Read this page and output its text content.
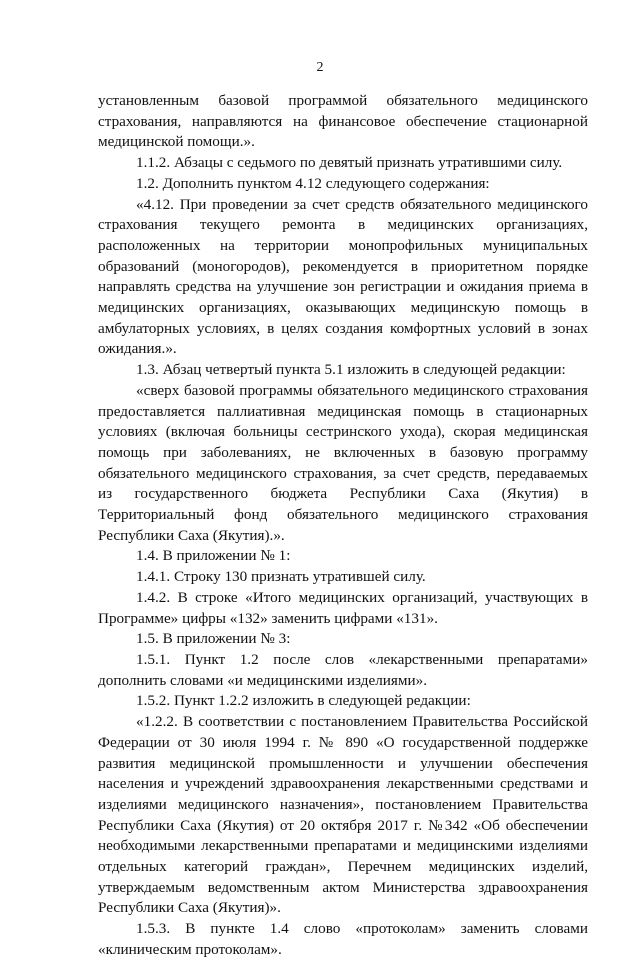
2

установленным базовой программой обязательного медицинского страхования, направляются на финансовое обеспечение стационарной медицинской помощи.».

1.1.2. Абзацы с седьмого по девятый признать утратившими силу.

1.2. Дополнить пунктом 4.12 следующего содержания:

«4.12. При проведении за счет средств обязательного медицинского страхования текущего ремонта в медицинских организациях, расположенных на территории монопрофильных муниципальных образований (моногородов), рекомендуется в приоритетном порядке направлять средства на улучшение зон регистрации и ожидания приема в медицинских организациях, оказывающих медицинскую помощь в амбулаторных условиях, в целях создания комфортных условий в зонах ожидания.».

1.3. Абзац четвертый пункта 5.1 изложить в следующей редакции:

«сверх базовой программы обязательного медицинского страхования предоставляется паллиативная медицинская помощь в стационарных условиях (включая больницы сестринского ухода), скорая медицинская помощь при заболеваниях, не включенных в базовую программу обязательного медицинского страхования, за счет средств, передаваемых из государственного бюджета Республики Саха (Якутия) в Территориальный фонд обязательного медицинского страхования Республики Саха (Якутия).».

1.4. В приложении № 1:

1.4.1. Строку 130 признать утратившей силу.

1.4.2. В строке «Итого медицинских организаций, участвующих в Программе» цифры «132» заменить цифрами «131».

1.5. В приложении № 3:

1.5.1. Пункт 1.2 после слов «лекарственными препаратами» дополнить словами «и медицинскими изделиями».

1.5.2. Пункт 1.2.2 изложить в следующей редакции:

«1.2.2. В соответствии с постановлением Правительства Российской Федерации от 30 июля 1994 г. № 890 «О государственной поддержке развития медицинской промышленности и улучшении обеспечения населения и учреждений здравоохранения лекарственными средствами и изделиями медицинского назначения», постановлением Правительства Республики Саха (Якутия) от 20 октября 2017 г. №342 «Об обеспечении необходимыми лекарственными препаратами и медицинскими изделиями отдельных категорий граждан», Перечнем медицинских изделий, утверждаемым ведомственным актом Министерства здравоохранения Республики Саха (Якутия)».

1.5.3. В пункте 1.4 слово «протоколам» заменить словами «клиническим протоколам».
